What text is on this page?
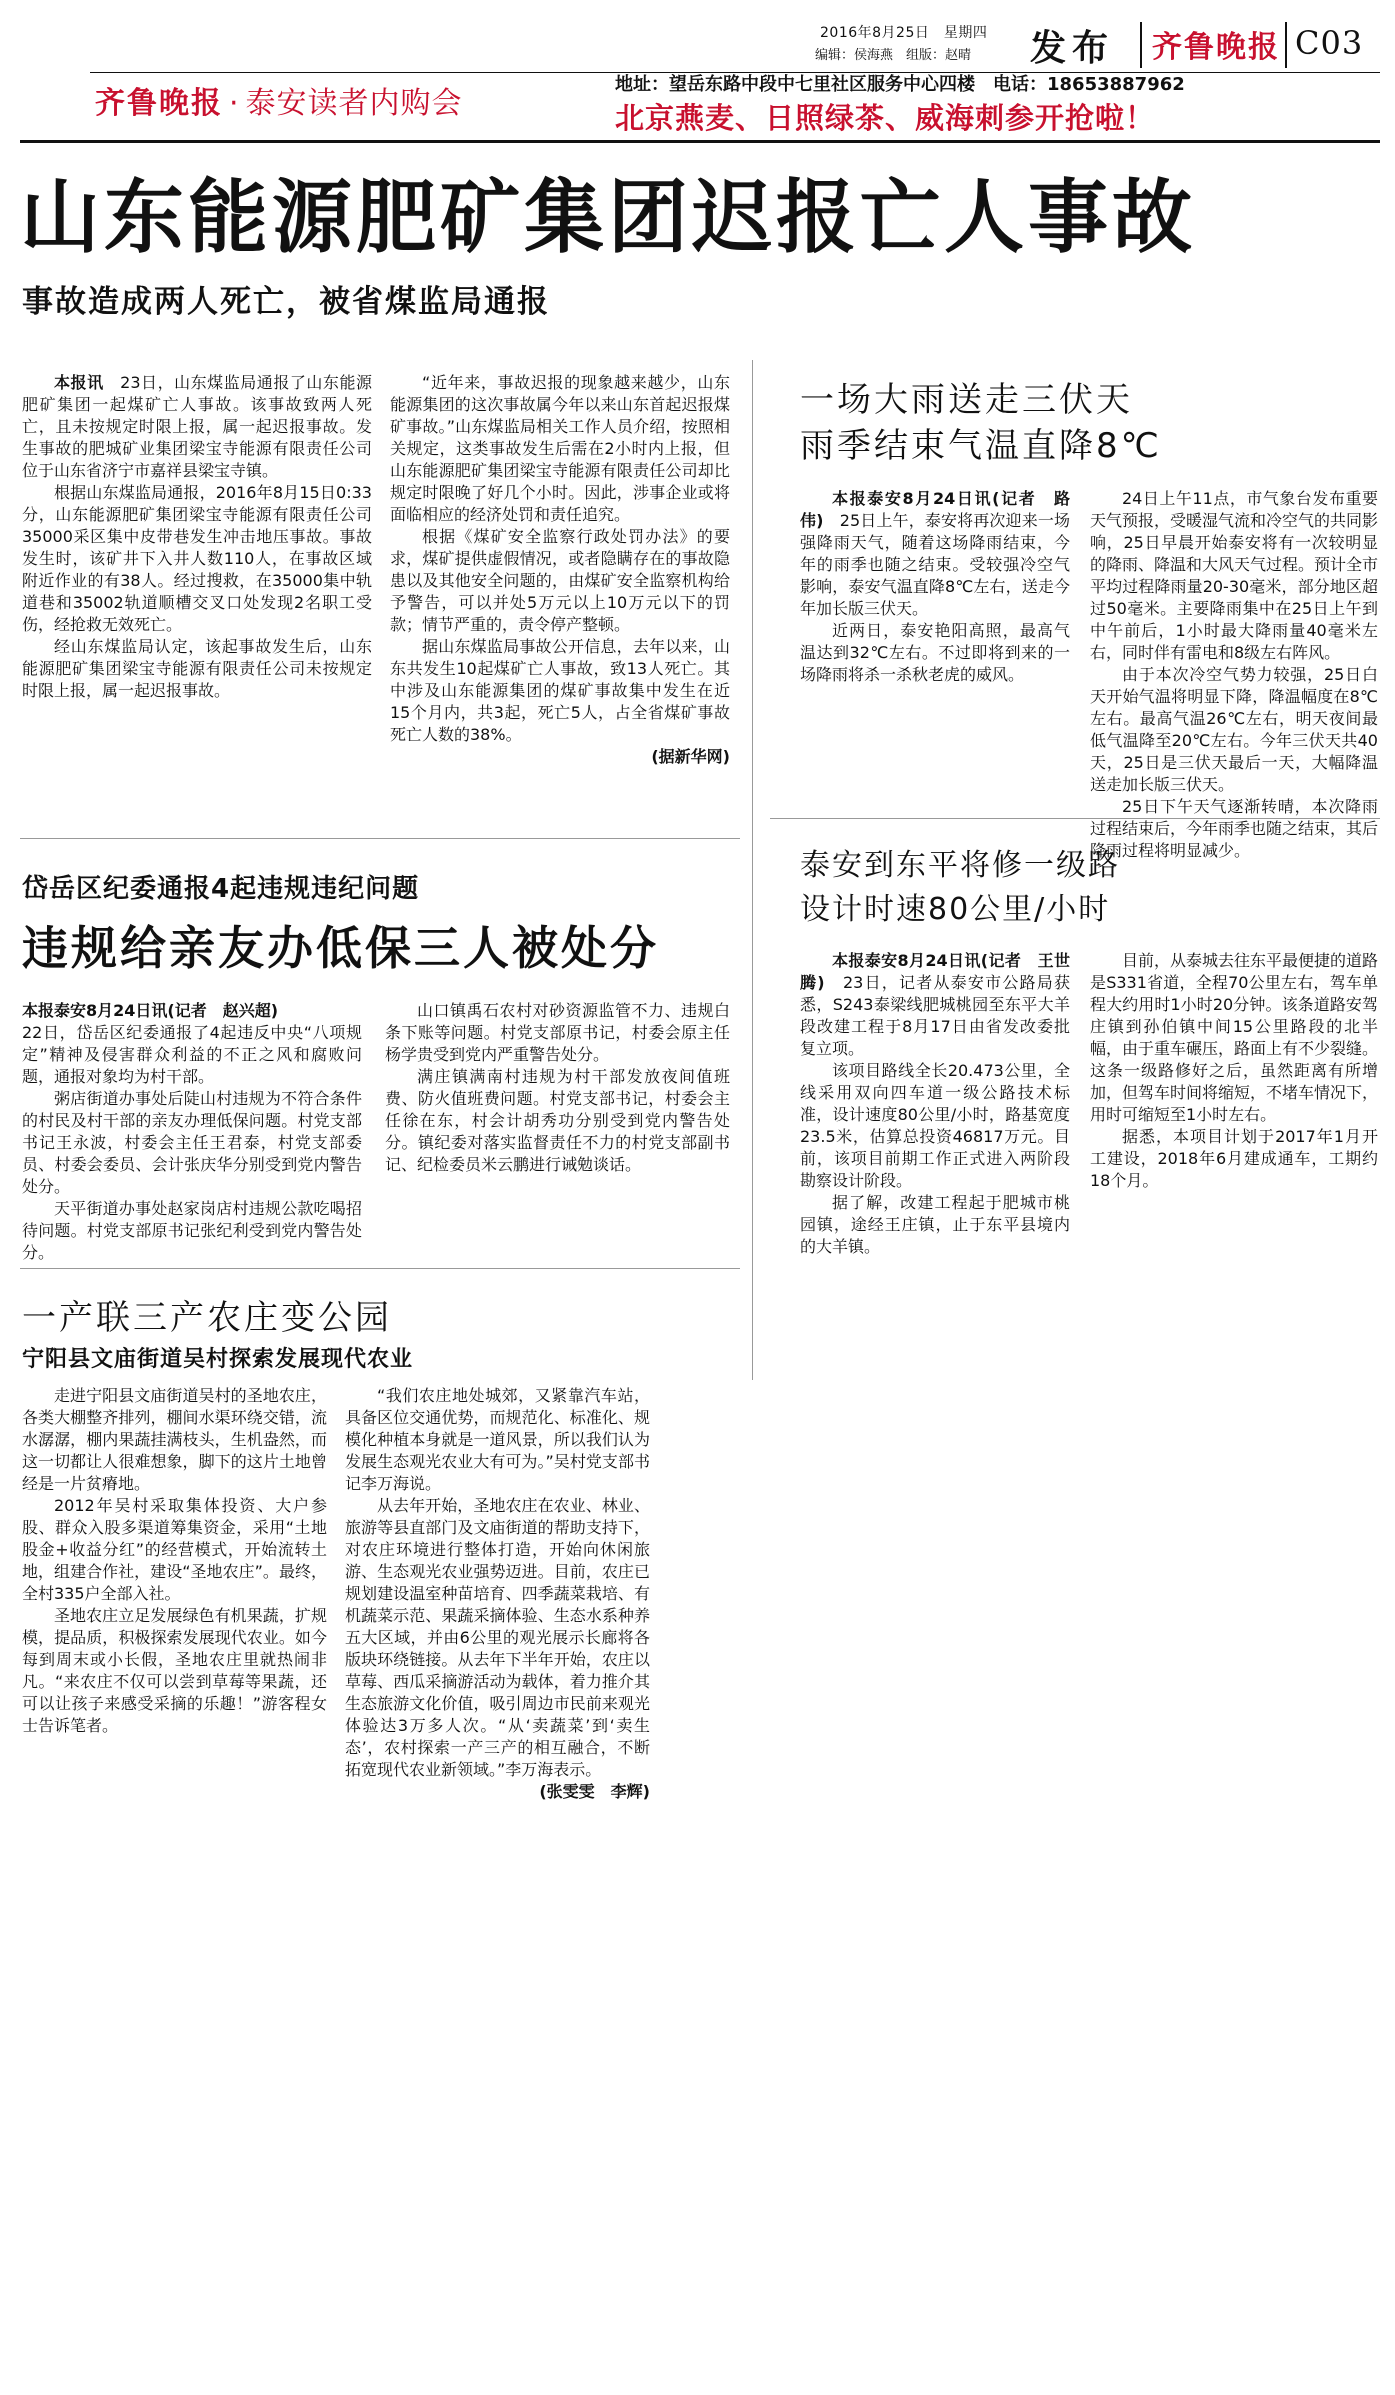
2016年8月25日　星期四
编辑：侯海燕　组版：赵晴 发布 齐鲁晚报 C03
齐鲁晚报 · 泰安读者内购会
地址：望岳东路中段中七里社区服务中心四楼　电话：18653887962
北京燕麦、日照绿茶、威海刺参开抢啦！
山东能源肥矿集团迟报亡人事故
事故造成两人死亡，被省煤监局通报

本报讯　 23日，山东煤监局通报了山东能源肥矿集团一起煤矿亡人事故。该事故致两人死亡，且未按规定时限上报，属一起迟报事故。发生事故的肥城矿业集团梁宝寺能源有限责任公司位于山东省济宁市嘉祥县梁宝寺镇。

根据山东煤监局通报，2016年8月15日0:33分，山东能源肥矿集团梁宝寺能源有限责任公司35000采区集中皮带巷发生冲击地压事故。事故发生时，该矿井下入井人数110人，在事故区域附近作业的有38人。经过搜救，在35000集中轨道巷和35002轨道顺槽交叉口处发现2名职工受伤，经抢救无效死亡。

经山东煤监局认定，该起事故发生后，山东能源肥矿集团梁宝寺能源有限责任公司未按规定时限上报，属一起迟报事故。

“近年来，事故迟报的现象越来越少，山东能源集团的这次事故属今年以来山东首起迟报煤矿事故。”山东煤监局相关工作人员介绍，按照相关规定，这类事故发生后需在2小时内上报，但山东能源肥矿集团梁宝寺能源有限责任公司却比规定时限晚了好几个小时。因此，涉事企业或将面临相应的经济处罚和责任追究。

根据《煤矿安全监察行政处罚办法》的要求，煤矿提供虚假情况，或者隐瞒存在的事故隐患以及其他安全问题的，由煤矿安全监察机构给予警告，可以并处5万元以上10万元以下的罚款；情节严重的，责令停产整顿。

据山东煤监局事故公开信息，去年以来，山东共发生10起煤矿亡人事故，致13人死亡。其中涉及山东能源集团的煤矿事故集中发生在近15个月内，共3起，死亡5人，占全省煤矿事故死亡人数的38%。

(据新华网)

一场大雨送走三伏天
雨季结束气温直降8℃

本报泰安8月24日讯(记者　路伟)　 25日上午，泰安将再次迎来一场强降雨天气，随着这场降雨结束，今年的雨季也随之结束。受较强冷空气影响，泰安气温直降8℃左右，送走今年加长版三伏天。

近两日，泰安艳阳高照，最高气温达到32℃左右。不过即将到来的一场降雨将杀一杀秋老虎的威风。

24日上午11点，市气象台发布重要天气预报，受暖湿气流和冷空气的共同影响，25日早晨开始泰安将有一次较明显的降雨、降温和大风天气过程。预计全市平均过程降雨量20-30毫米，部分地区超过50毫米。主要降雨集中在25日上午到中午前后，1小时最大降雨量40毫米左右，同时伴有雷电和8级左右阵风。

由于本次冷空气势力较强，25日白天开始气温将明显下降，降温幅度在8℃左右。最高气温26℃左右，明天夜间最低气温降至20℃左右。今年三伏天共40天，25日是三伏天最后一天，大幅降温送走加长版三伏天。

25日下午天气逐渐转晴，本次降雨过程结束后，今年雨季也随之结束，其后降雨过程将明显减少。

岱岳区纪委通报4起违规违纪问题
违规给亲友办低保三人被处分

本报泰安8月24日讯(记者　赵兴超)

22日，岱岳区纪委通报了4起违反中央“八项规定”精神及侵害群众利益的不正之风和腐败问题，通报对象均为村干部。

粥店街道办事处后陡山村违规为不符合条件的村民及村干部的亲友办理低保问题。村党支部书记王永波，村委会主任王君泰，村党支部委员、村委会委员、会计张庆华分别受到党内警告处分。

天平街道办事处赵家岗店村违规公款吃喝招待问题。村党支部原书记张纪利受到党内警告处分。

山口镇禹石农村对砂资源监管不力、违规白条下账等问题。村党支部原书记，村委会原主任杨学贵受到党内严重警告处分。

满庄镇满南村违规为村干部发放夜间值班费、防火值班费问题。村党支部书记，村委会主任徐在东，村会计胡秀功分别受到党内警告处分。镇纪委对落实监督责任不力的村党支部副书记、纪检委员米云鹏进行诫勉谈话。

泰安到东平将修一级路
设计时速80公里/小时

本报泰安8月24日讯(记者　王世腾)　 23日，记者从泰安市公路局获悉，S243泰梁线肥城桃园至东平大羊段改建工程于8月17日由省发改委批复立项。

该项目路线全长20.473公里，全线采用双向四车道一级公路技术标准，设计速度80公里/小时，路基宽度23.5米，估算总投资46817万元。目前，该项目前期工作正式进入两阶段勘察设计阶段。

据了解，改建工程起于肥城市桃园镇，途经王庄镇，止于东平县境内的大羊镇。

目前，从泰城去往东平最便捷的道路是S331省道，全程70公里左右，驾车单程大约用时1小时20分钟。该条道路安驾庄镇到孙伯镇中间15公里路段的北半幅，由于重车碾压，路面上有不少裂缝。这条一级路修好之后，虽然距离有所增加，但驾车时间将缩短，不堵车情况下，用时可缩短至1小时左右。

据悉，本项目计划于2017年1月开工建设，2018年6月建成通车，工期约18个月。

一产联三产农庄变公园
宁阳县文庙街道吴村探索发展现代农业

走进宁阳县文庙街道吴村的圣地农庄，各类大棚整齐排列，棚间水渠环绕交错，流水潺潺，棚内果蔬挂满枝头，生机盎然，而这一切都让人很难想象，脚下的这片土地曾经是一片贫瘠地。

2012年吴村采取集体投资、大户参股、群众入股多渠道筹集资金，采用“土地股金+收益分红”的经营模式，开始流转土地，组建合作社，建设“圣地农庄”。最终，全村335户全部入社。

圣地农庄立足发展绿色有机果蔬，扩规模，提品质，积极探索发展现代农业。如今每到周末或小长假，圣地农庄里就热闹非凡。“来农庄不仅可以尝到草莓等果蔬，还可以让孩子来感受采摘的乐趣！”游客程女士告诉笔者。

“我们农庄地处城郊，又紧靠汽车站，具备区位交通优势，而规范化、标准化、规模化种植本身就是一道风景，所以我们认为发展生态观光农业大有可为。”吴村党支部书记李万海说。

从去年开始，圣地农庄在农业、林业、旅游等县直部门及文庙街道的帮助支持下，对农庄环境进行整体打造，开始向休闲旅游、生态观光农业强势迈进。目前，农庄已规划建设温室种苗培育、四季蔬菜栽培、有机蔬菜示范、果蔬采摘体验、生态水系种养五大区域，并由6公里的观光展示长廊将各版块环绕链接。从去年下半年开始，农庄以草莓、西瓜采摘游活动为载体，着力推介其生态旅游文化价值，吸引周边市民前来观光体验达3万多人次。“从‘卖蔬菜’到‘卖生态’，农村探索一产三产的相互融合，不断拓宽现代农业新领域。”李万海表示。

(张雯雯　李辉)
